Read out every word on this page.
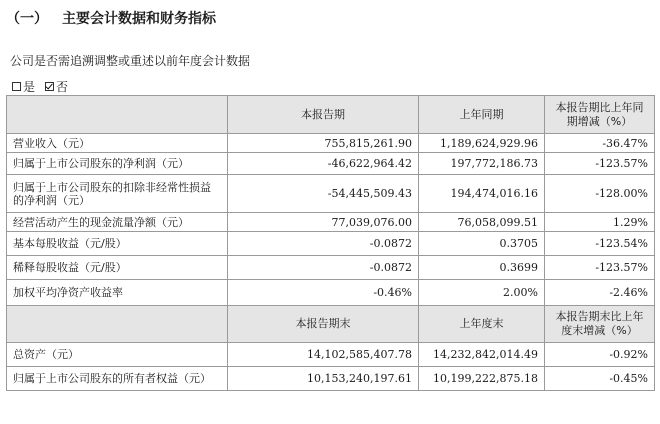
（一） 主要会计数据和财务指标
公司是否需追溯调整或重述以前年度会计数据
是 否
	本报告期	上年同期	本报告期比上年同期增减（%）
营业收入（元）	755,815,261.90	1,189,624,929.96	-36.47%
归属于上市公司股东的净利润（元）	-46,622,964.42	197,772,186.73	-123.57%
归属于上市公司股东的扣除非经常性损益的净利润（元）	-54,445,509.43	194,474,016.16	-128.00%
经营活动产生的现金流量净额（元）	77,039,076.00	76,058,099.51	1.29%
基本每股收益（元/股）	-0.0872	0.3705	-123.54%
稀释每股收益（元/股）	-0.0872	0.3699	-123.57%
加权平均净资产收益率	-0.46%	2.00%	-2.46%
	本报告期末	上年度末	本报告期末比上年度末增减（%）
总资产（元）	14,102,585,407.78	14,232,842,014.49	-0.92%
归属于上市公司股东的所有者权益（元）	10,153,240,197.61	10,199,222,875.18	-0.45%
